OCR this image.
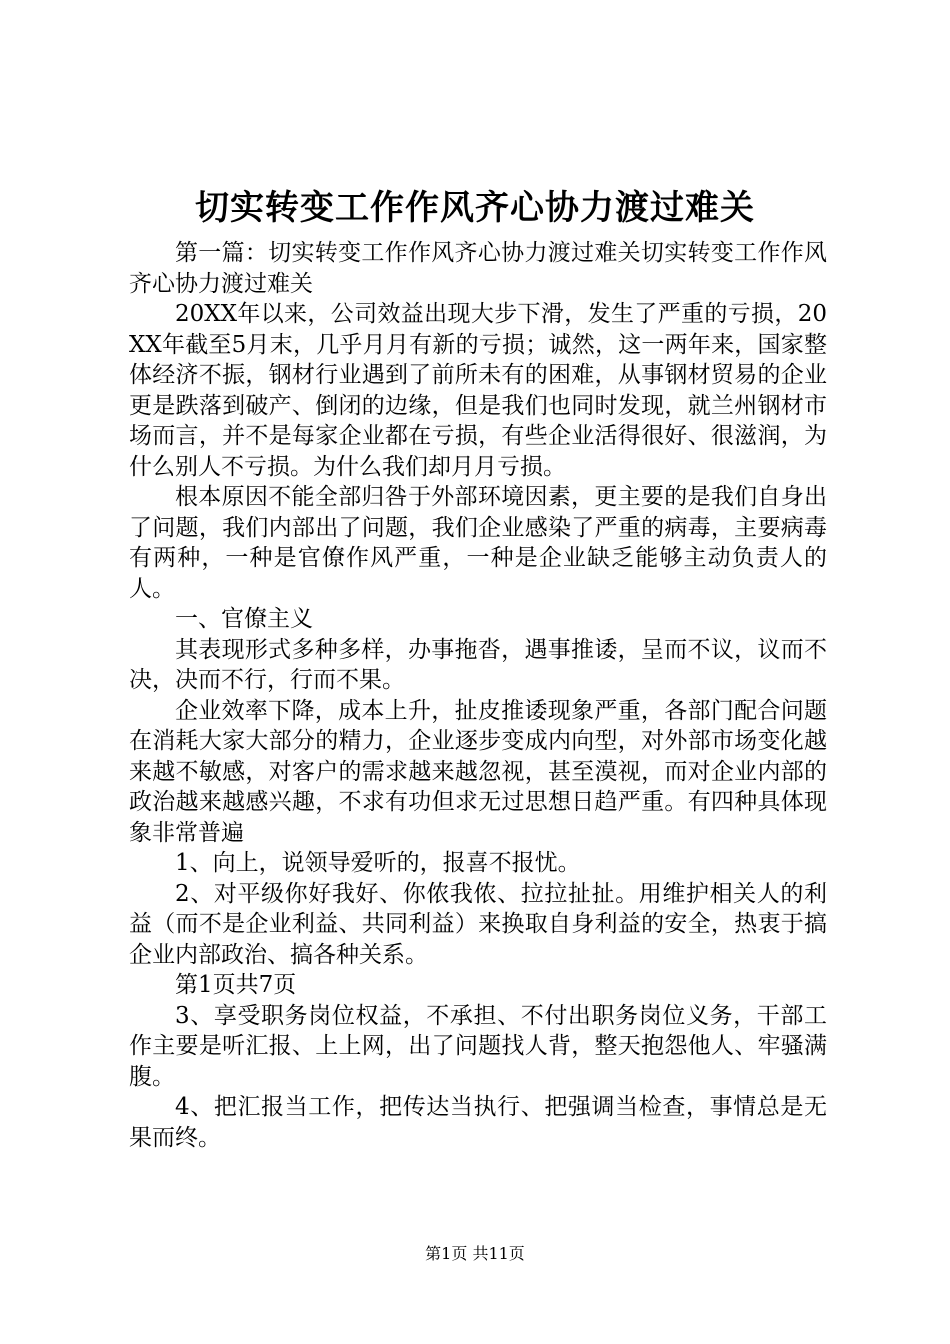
切实转变工作作风齐心协力渡过难关

第一篇：切实转变工作作风齐心协力渡过难关切实转变工作作风齐心协力渡过难关

20XX年以来，公司效益出现大步下滑，发生了严重的亏损，20XX年截至5月末，几乎月月有新的亏损；诚然，这一两年来，国家整体经济不振，钢材行业遇到了前所未有的困难，从事钢材贸易的企业更是跌落到破产、倒闭的边缘，但是我们也同时发现，就兰州钢材市场而言，并不是每家企业都在亏损，有些企业活得很好、很滋润，为什么别人不亏损。为什么我们却月月亏损。

根本原因不能全部归咎于外部环境因素，更主要的是我们自身出了问题，我们内部出了问题，我们企业感染了严重的病毒，主要病毒有两种，一种是官僚作风严重，一种是企业缺乏能够主动负责人的人。

一、官僚主义

其表现形式多种多样，办事拖沓，遇事推诿，呈而不议，议而不决，决而不行，行而不果。

企业效率下降，成本上升，扯皮推诿现象严重，各部门配合问题在消耗大家大部分的精力，企业逐步变成内向型，对外部市场变化越来越不敏感，对客户的需求越来越忽视，甚至漠视，而对企业内部的政治越来越感兴趣，不求有功但求无过思想日趋严重。有四种具体现象非常普遍

1、向上，说领导爱听的，报喜不报忧。

2、对平级你好我好、你侬我侬、拉拉扯扯。用维护相关人的利益（而不是企业利益、共同利益）来换取自身利益的安全，热衷于搞企业内部政治、搞各种关系。

第1页共7页

3、享受职务岗位权益，不承担、不付出职务岗位义务，干部工作主要是听汇报、上上网，出了问题找人背，整天抱怨他人、牢骚满腹。

4、把汇报当工作，把传达当执行、把强调当检查，事情总是无果而终。

第1页 共11页
